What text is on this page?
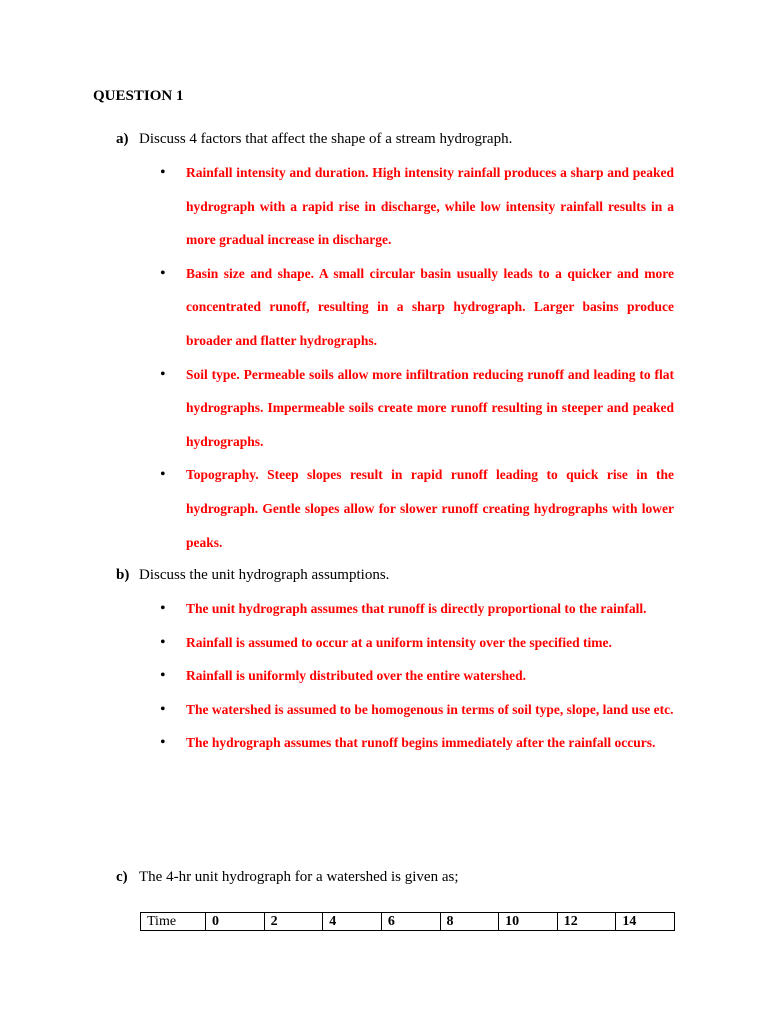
QUESTION 1
a) Discuss 4 factors that affect the shape of a stream hydrograph.
• Rainfall intensity and duration. High intensity rainfall produces a sharp and peaked hydrograph with a rapid rise in discharge, while low intensity rainfall results in a more gradual increase in discharge.
• Basin size and shape. A small circular basin usually leads to a quicker and more concentrated runoff, resulting in a sharp hydrograph. Larger basins produce broader and flatter hydrographs.
• Soil type. Permeable soils allow more infiltration reducing runoff and leading to flat hydrographs. Impermeable soils create more runoff resulting in steeper and peaked hydrographs.
• Topography. Steep slopes result in rapid runoff leading to quick rise in the hydrograph. Gentle slopes allow for slower runoff creating hydrographs with lower peaks.
b) Discuss the unit hydrograph assumptions.
• The unit hydrograph assumes that runoff is directly proportional to the rainfall.
• Rainfall is assumed to occur at a uniform intensity over the specified time.
• Rainfall is uniformly distributed over the entire watershed.
• The watershed is assumed to be homogenous in terms of soil type, slope, land use etc.
• The hydrograph assumes that runoff begins immediately after the rainfall occurs.
c) The 4-hr unit hydrograph for a watershed is given as;
Time	0	2	4	6	8	10	12	14
